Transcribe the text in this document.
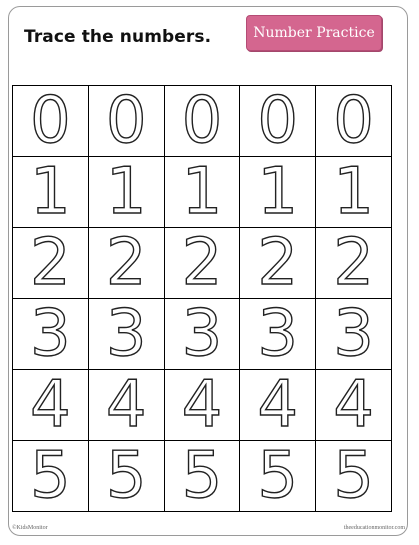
Trace the numbers.	Number Practice
0	0	0	0	0
1	1	1	1	1
2	2	2	2	2
3	3	3	3	3
4	4	4	4	4
5	5	5	5	5
©KidsMonitor	theeducationmonitor.com
